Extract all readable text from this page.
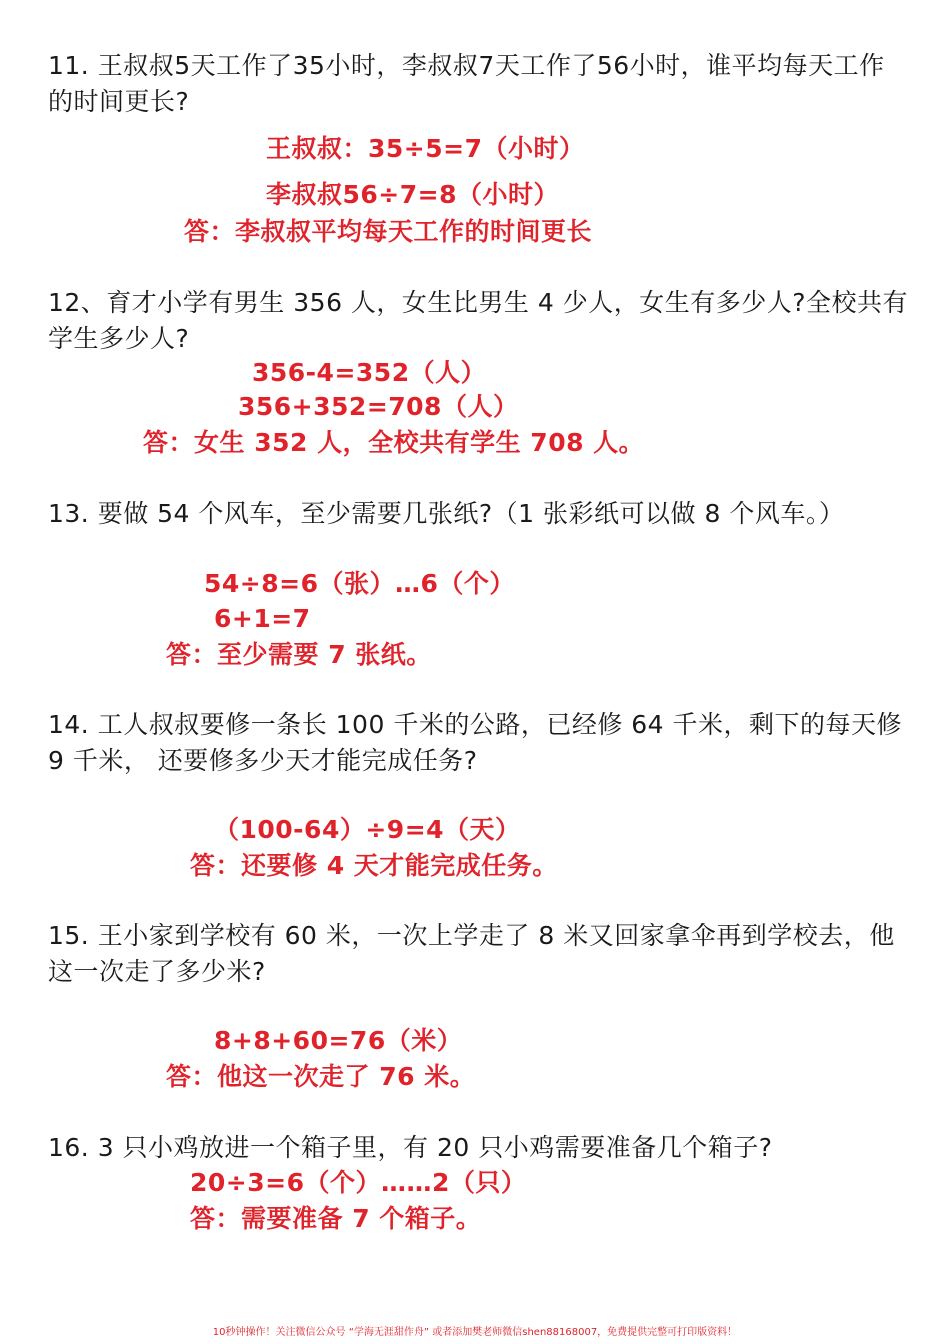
11. 王叔叔5天工作了35小时，李叔叔7天工作了56小时，谁平均每天工作的时间更长?
王叔叔：35÷5=7（小时）
李叔叔56÷7=8（小时）
答：李叔叔平均每天工作的时间更长
12、育才小学有男生 356 人，女生比男生 4 少人，女生有多少人?全校共有学生多少人?
356-4=352（人）
356+352=708（人）
答：女生 352 人，全校共有学生 708 人。
13. 要做 54 个风车，至少需要几张纸?（1 张彩纸可以做 8 个风车。）
54÷8=6（张）…6（个）
6+1=7
答：至少需要 7 张纸。
14. 工人叔叔要修一条长 100 千米的公路，已经修 64 千米，剩下的每天修 9 千米， 还要修多少天才能完成任务?
（100-64）÷9=4（天）
答：还要修 4 天才能完成任务。
15. 王小家到学校有 60 米，一次上学走了 8 米又回家拿伞再到学校去，他这一次走了多少米?
8+8+60=76（米）
答：他这一次走了 76 米。
16. 3 只小鸡放进一个箱子里，有 20 只小鸡需要准备几个箱子?
20÷3=6（个）……2（只）
答：需要准备 7 个箱子。
10秒钟操作！关注微信公众号 “学海无涯甜作舟” 或者添加樊老师微信shen88168007，免费提供完整可打印版资料！
